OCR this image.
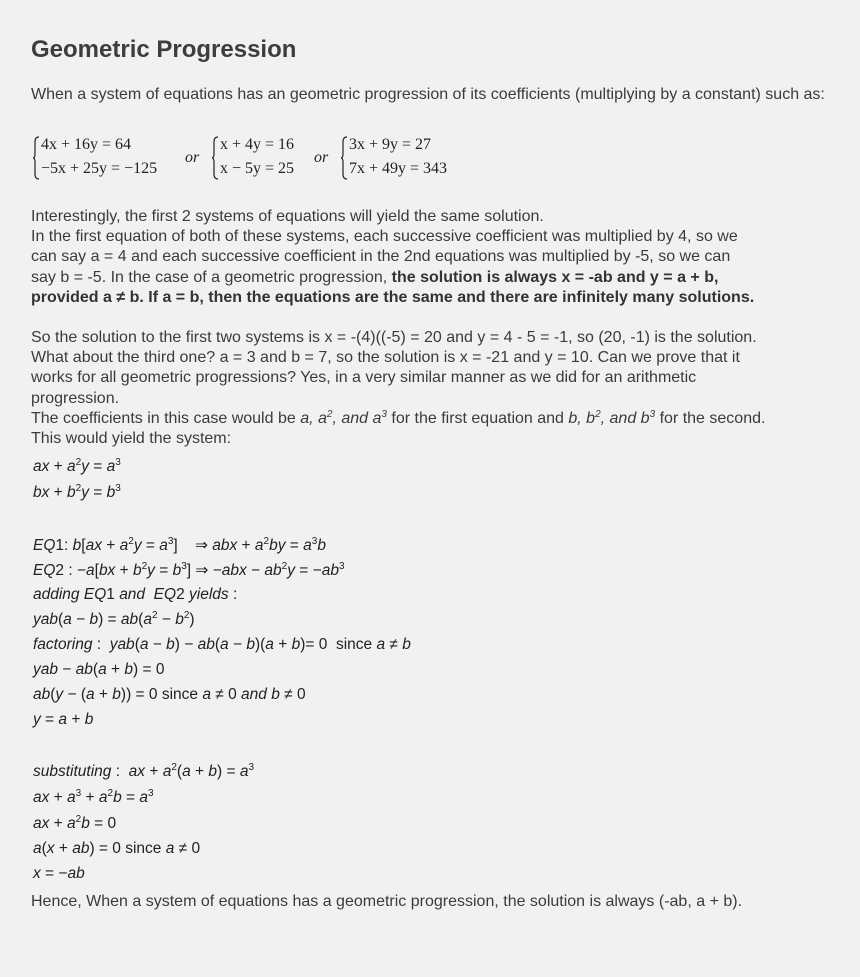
Geometric Progression

When a system of equations has an geometric progression of its coefficients (multiplying by a constant) such as:

4x + 16y = 64
−5x + 25y = −125
or
x + 4y = 16
x − 5y = 25
or
3x + 9y = 27
7x + 49y = 343
Interestingly, the first 2 systems of equations will yield the same solution.
In the first equation of both of these systems, each successive coefficient was multiplied by 4, so we
can say a = 4 and each successive coefficient in the 2nd equations was multiplied by -5, so we can
say b = -5. In the case of a geometric progression, the solution is always x = -ab and y = a + b,
provided a ≠ b. If a = b, then the equations are the same and there are infinitely many solutions.
So the solution to the first two systems is x = -(4)((-5) = 20 and y = 4 - 5 = -1, so (20, -1) is the solution.
What about the third one? a = 3 and b = 7, so the solution is x = -21 and y = 10. Can we prove that it
works for all geometric progressions? Yes, in a very similar manner as we did for an arithmetic
progression.
The coefficients in this case would be a, $a^2$, and $a^3$ for the first equation and b, $b^2$, and $b^3$ for the second.
This would yield the system:
ax + $a^2y = a^3$
bx + $b^2y = b^3$
EQ1: $b[ax + a^2y = a^3]$    ⇒ abx + $a^2by = a^3b$
EQ2 : $-a[bx + b^2y = b^3]$ ⇒ $-abx - ab^2y = -ab^3$
adding EQ1 and  EQ2 yields :
$yab(a - b) = ab(a^2 - b^2)$
factoring :  yab(a − b) − ab(a − b)(a + b)= 0  since a ≠ b
yab − ab(a + b) = 0
ab(y − (a + b)) = 0 since a ≠ 0 and b ≠ 0
y = a + b
substituting :  ax + $a^2(a + b) = a^3$
ax + $a^3 + a^2b = a^3$
ax + $a^2b = 0$
a(x + ab) = 0 since a ≠ 0
x = −ab

Hence, When a system of equations has a geometric progression, the solution is always (-ab, a + b).
